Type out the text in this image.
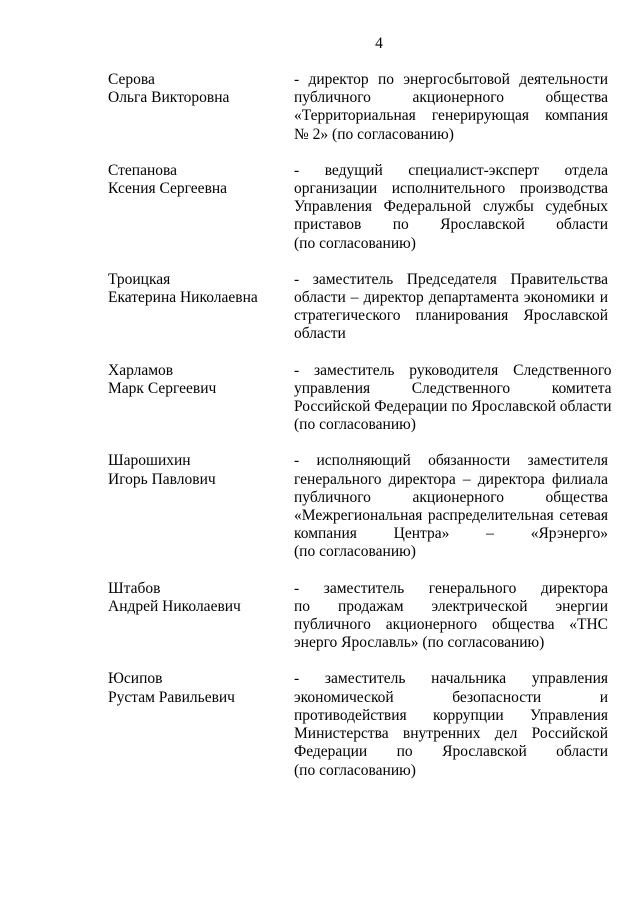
4
Серова
Ольга Викторовна
- директор по энергосбытовой деятельности
публичного акционерного общества
«Территориальная генерирующая компания
№ 2» (по согласованию)
Степанова
Ксения Сергеевна
- ведущий специалист-эксперт отдела
организации исполнительного производства
Управления Федеральной службы судебных
приставов по Ярославской области
(по согласованию)
Троицкая
Екатерина Николаевна
- заместитель Председателя Правительства
области – директор департамента экономики и
стратегического планирования Ярославской
области
Харламов
Марк Сергеевич
- заместитель руководителя Следственного
управления Следственного комитета
Российской Федерации по Ярославской области
(по согласованию)
Шарошихин
Игорь Павлович
- исполняющий обязанности заместителя
генерального директора – директора филиала
публичного акционерного общества
«Межрегиональная распределительная сетевая
компания Центра» – «Ярэнерго»
(по согласованию)
Штабов
Андрей Николаевич
- заместитель генерального директора
по продажам электрической энергии
публичного акционерного общества «ТНС
энерго Ярославль» (по согласованию)
Юсипов
Рустам Равильевич
- заместитель начальника управления
экономической безопасности и
противодействия коррупции Управления
Министерства внутренних дел Российской
Федерации по Ярославской области
(по согласованию)
